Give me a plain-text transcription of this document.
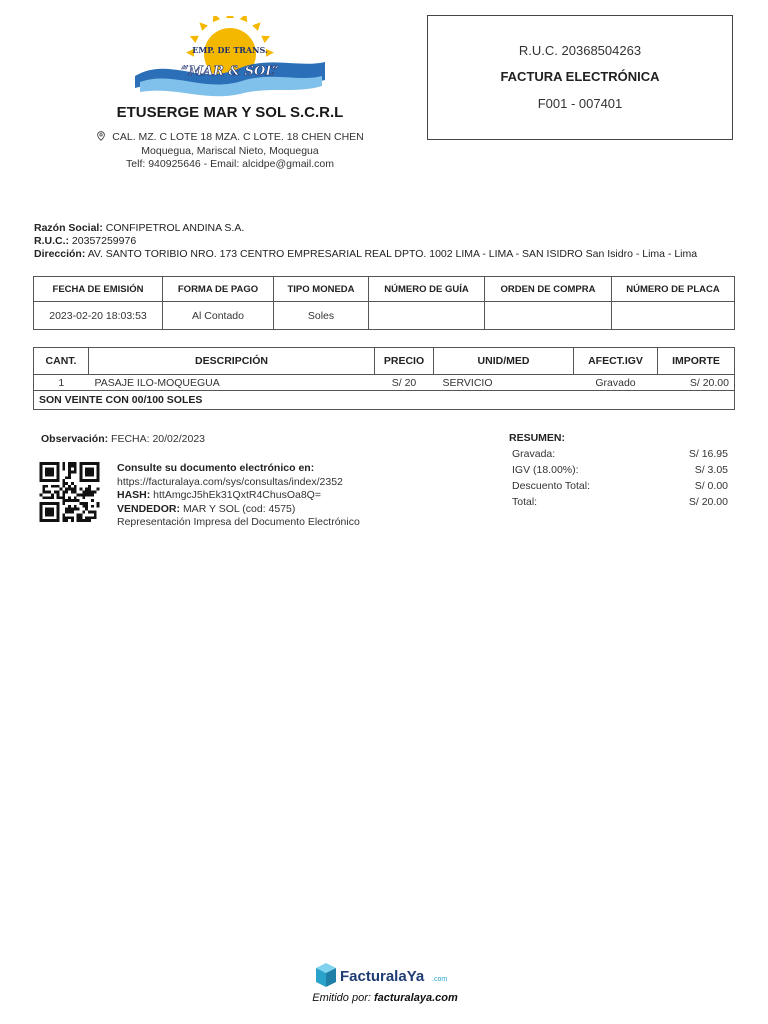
EMP. DE TRANS.
“MAR & SOL”
ETUSERGE MAR Y SOL S.C.R.L
CAL. MZ. C LOTE 18 MZA. C LOTE. 18 CHEN CHEN
Moquegua, Mariscal Nieto, Moquegua
Telf: 940925646 - Email: alcidpe@gmail.com
R.U.C. 20368504263
FACTURA ELECTRÓNICA
F001 - 007401
Razón Social: CONFIPETROL ANDINA S.A.
R.U.C.: 20357259976
Dirección: AV. SANTO TORIBIO NRO. 173 CENTRO EMPRESARIAL REAL DPTO. 1002 LIMA - LIMA - SAN ISIDRO San Isidro - Lima - Lima
FECHA DE EMISIÓN	FORMA DE PAGO	TIPO MONEDA	NÚMERO DE GUÍA	ORDEN DE COMPRA	NÚMERO DE PLACA
2023-02-20 18:03:53	Al Contado	Soles			
CANT.	DESCRIPCIÓN	PRECIO	UNID/MED	AFECT.IGV	IMPORTE
1	PASAJE ILO-MOQUEGUA	S/ 20	SERVICIO	Gravado	S/ 20.00
SON VEINTE CON 00/100 SOLES					
Observación: FECHA: 20/02/2023
Consulte su documento electrónico en:
https://facturalaya.com/sys/consultas/index/2352
HASH: httAmgcJ5hEk31QxtR4ChusOa8Q=
VENDEDOR: MAR Y SOL (cod: 4575)
Representación Impresa del Documento Electrónico
RESUMEN:
Gravada:	S/ 16.95
IGV (18.00%):	S/ 3.05
Descuento Total:	S/ 0.00
Total:	S/ 20.00
FacturalaYa .com
Emitido por: facturalaya.com
